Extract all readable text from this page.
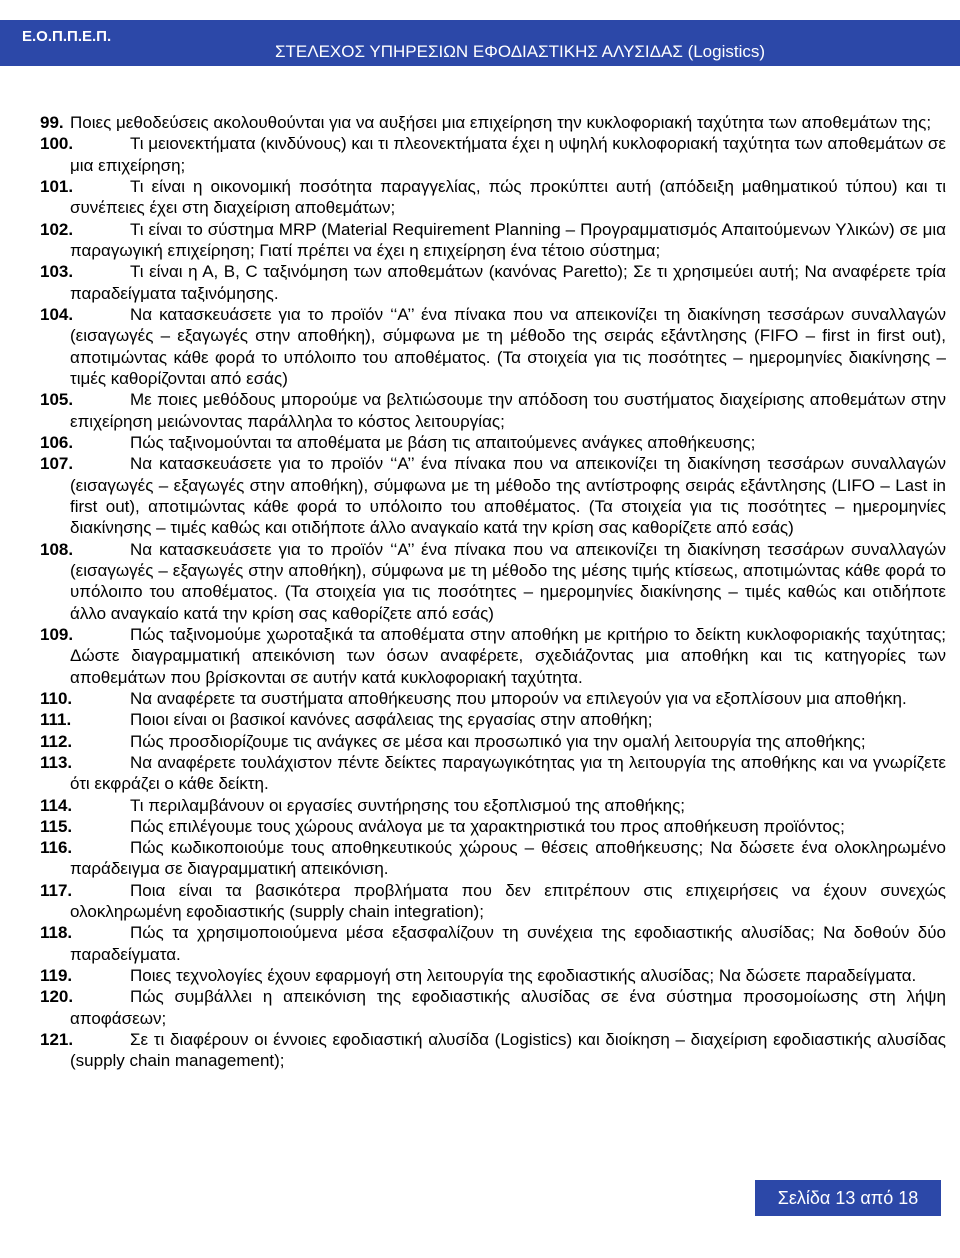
Ε.Ο.Π.Π.Ε.Π.
ΣΤΕΛΕΧΟΣ ΥΠΗΡΕΣΙΩΝ ΕΦΟΔΙΑΣΤΙΚΗΣ ΑΛΥΣΙΔΑΣ (Logistics)

99. Ποιες μεθοδεύσεις ακολουθούνται για να αυξήσει μια επιχείρηση την κυκλοφοριακή ταχύτητα των αποθεμάτων της;

100.	Τι μειονεκτήματα (κινδύνους) και τι πλεονεκτήματα έχει η υψηλή κυκλοφοριακή ταχύτητα των αποθεμάτων σε μια επιχείρηση;

101.	Τι είναι η οικονομική ποσότητα παραγγελίας, πώς προκύπτει αυτή (απόδειξη μαθηματικού τύπου) και τι συνέπειες έχει στη διαχείριση αποθεμάτων;

102.	Τι είναι το σύστημα MRP (Material Requirement Planning – Προγραμματισμός Απαιτούμενων Υλικών) σε μια παραγωγική επιχείρηση; Γιατί πρέπει να έχει η επιχείρηση ένα τέτοιο σύστημα;

103.	Τι είναι η Α, Β, C ταξινόμηση των αποθεμάτων (κανόνας Paretto); Σε τι χρησιμεύει αυτή; Να αναφέρετε τρία παραδείγματα ταξινόμησης.

104.	Να κατασκευάσετε για το προϊόν ‘‘Α’’ ένα πίνακα που να απεικονίζει τη διακίνηση τεσσάρων συναλλαγών (εισαγωγές – εξαγωγές στην αποθήκη), σύμφωνα με τη μέθοδο της σειράς εξάντλησης (FIFO – first in first out), αποτιμώντας κάθε φορά το υπόλοιπο του αποθέματος. (Τα στοιχεία για τις ποσότητες – ημερομηνίες διακίνησης – τιμές καθορίζονται από εσάς)

105.	Με ποιες μεθόδους μπορούμε να βελτιώσουμε την απόδοση του συστήματος διαχείρισης αποθεμάτων στην επιχείρηση μειώνοντας παράλληλα το κόστος λειτουργίας;

106.	Πώς ταξινομούνται τα αποθέματα με βάση τις απαιτούμενες ανάγκες αποθήκευσης;

107.	Να κατασκευάσετε για το προϊόν ‘‘Α’’ ένα πίνακα που να απεικονίζει τη διακίνηση τεσσάρων συναλλαγών (εισαγωγές – εξαγωγές στην αποθήκη), σύμφωνα με τη μέθοδο της αντίστροφης σειράς εξάντλησης (LIFO – Last in first out), αποτιμώντας κάθε φορά το υπόλοιπο του αποθέματος. (Τα στοιχεία για τις ποσότητες – ημερομηνίες διακίνησης – τιμές καθώς και οτιδήποτε άλλο αναγκαίο κατά την κρίση σας καθορίζετε από εσάς)

108.	Να κατασκευάσετε για το προϊόν ‘‘Α’’ ένα πίνακα που να απεικονίζει τη διακίνηση τεσσάρων συναλλαγών (εισαγωγές – εξαγωγές στην αποθήκη), σύμφωνα με τη μέθοδο της μέσης τιμής κτίσεως, αποτιμώντας κάθε φορά το υπόλοιπο του αποθέματος. (Τα στοιχεία για τις ποσότητες – ημερομηνίες διακίνησης – τιμές καθώς και οτιδήποτε άλλο αναγκαίο κατά την κρίση σας καθορίζετε από εσάς)

109.	Πώς ταξινομούμε χωροταξικά τα αποθέματα στην αποθήκη με κριτήριο το δείκτη κυκλοφοριακής ταχύτητας; Δώστε διαγραμματική απεικόνιση των όσων αναφέρετε, σχεδιάζοντας μια αποθήκη και τις κατηγορίες των αποθεμάτων που βρίσκονται σε αυτήν κατά κυκλοφοριακή ταχύτητα.

110.	Να αναφέρετε τα συστήματα αποθήκευσης που μπορούν να επιλεγούν για να εξοπλίσουν μια αποθήκη.

111.	Ποιοι είναι οι βασικοί κανόνες ασφάλειας της εργασίας στην αποθήκη;

112.	Πώς προσδιορίζουμε τις ανάγκες σε μέσα και προσωπικό για την ομαλή λειτουργία της αποθήκης;

113.	Να αναφέρετε τουλάχιστον πέντε δείκτες παραγωγικότητας για τη λειτουργία της αποθήκης και να γνωρίζετε ότι εκφράζει ο κάθε δείκτη.

114.	Τι περιλαμβάνουν οι εργασίες συντήρησης του εξοπλισμού της αποθήκης;

115.	Πώς επιλέγουμε τους χώρους ανάλογα με τα χαρακτηριστικά του προς αποθήκευση προϊόντος;

116.	Πώς κωδικοποιούμε τους αποθηκευτικούς χώρους – θέσεις αποθήκευσης; Να δώσετε ένα ολοκληρωμένο παράδειγμα σε διαγραμματική απεικόνιση.

117.	Ποια είναι τα βασικότερα προβλήματα που δεν επιτρέπουν στις επιχειρήσεις να έχουν συνεχώς ολοκληρωμένη εφοδιαστικής (supply chain integration);

118.	Πώς τα χρησιμοποιούμενα μέσα εξασφαλίζουν τη συνέχεια της εφοδιαστικής αλυσίδας; Να δοθούν δύο παραδείγματα.

119.	Ποιες τεχνολογίες έχουν εφαρμογή στη λειτουργία της εφοδιαστικής αλυσίδας; Να δώσετε παραδείγματα.

120.	Πώς συμβάλλει η απεικόνιση της εφοδιαστικής αλυσίδας σε ένα σύστημα προσομοίωσης στη λήψη αποφάσεων;

121.	Σε τι διαφέρουν οι έννοιες εφοδιαστική αλυσίδα (Logistics) και διοίκηση – διαχείριση εφοδιαστικής αλυσίδας (supply chain management);

Σελίδα 13 από 18
